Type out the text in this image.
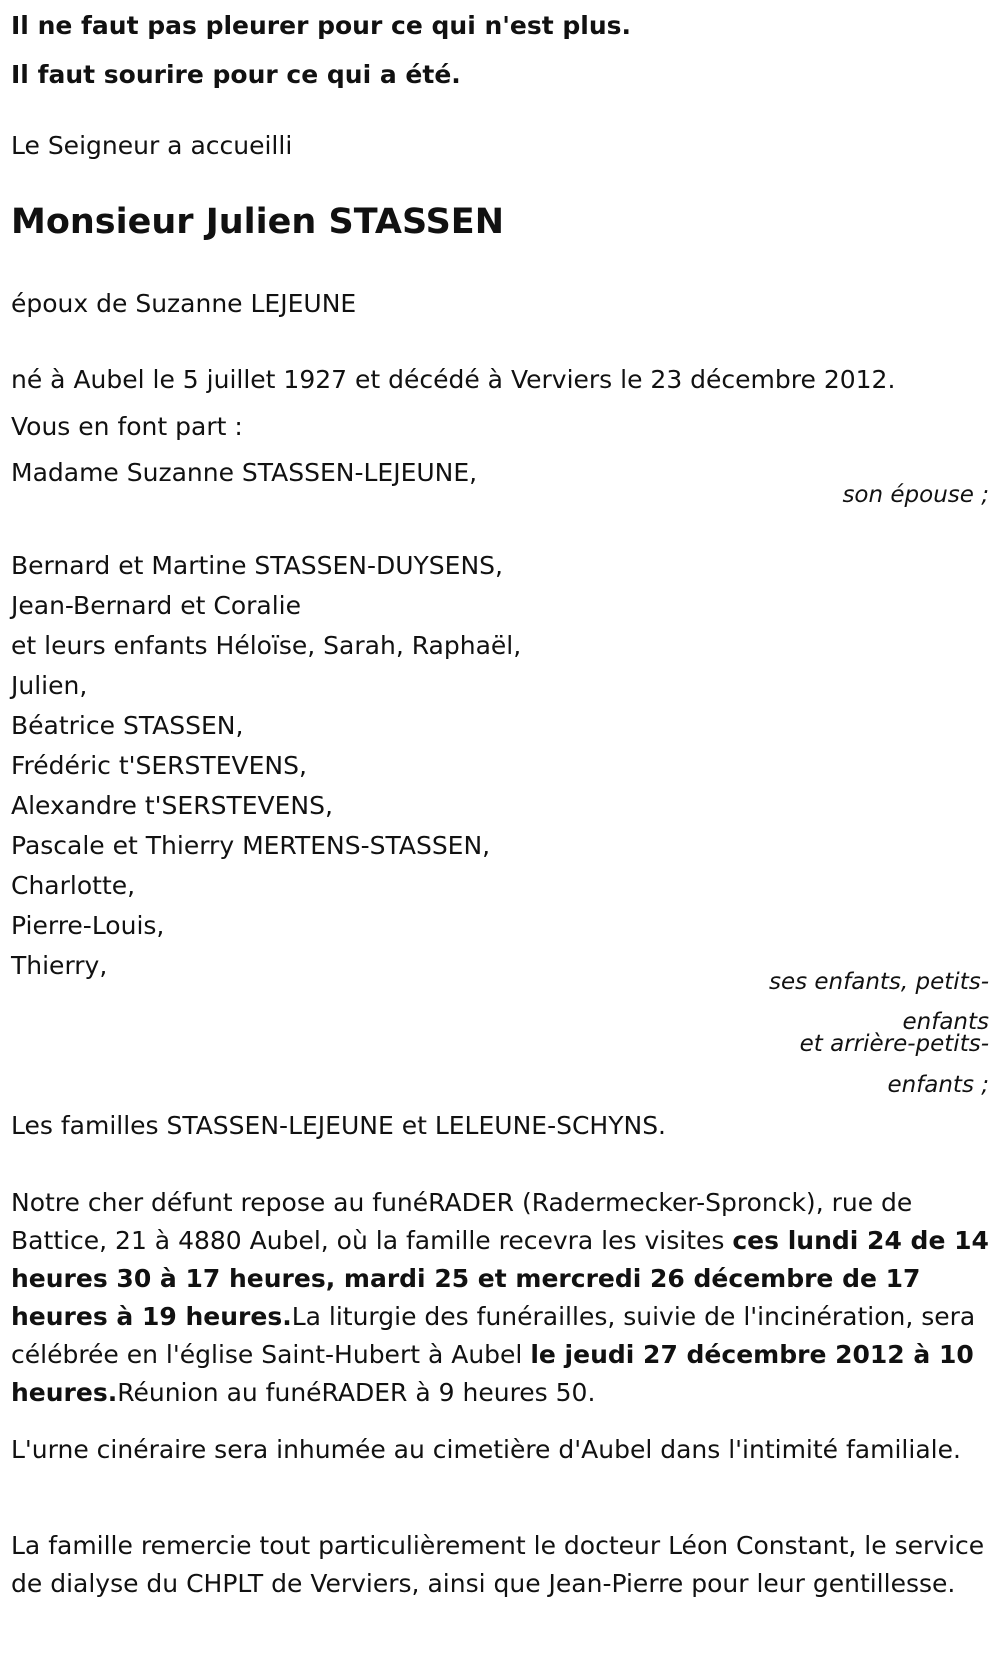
Il ne faut pas pleurer pour ce qui n'est plus.
Il faut sourire pour ce qui a été.
Le Seigneur a accueilli
Monsieur Julien STASSEN
époux de Suzanne LEJEUNE
né à Aubel le 5 juillet 1927 et décédé à Verviers le 23 décembre 2012.
Vous en font part :
Madame Suzanne STASSEN-LEJEUNE,
son épouse ;
Bernard et Martine STASSEN-DUYSENS,
Jean-Bernard et Coralie
et leurs enfants Héloïse, Sarah, Raphaël,
Julien,
Béatrice STASSEN,
Frédéric t'SERSTEVENS,
Alexandre t'SERSTEVENS,
Pascale et Thierry MERTENS-STASSEN,
Charlotte,
Pierre-Louis,
Thierry,
ses enfants, petits-
enfants
et arrière-petits-
enfants ;
Les familles STASSEN-LEJEUNE et LELEUNE-SCHYNS.
Notre cher défunt repose au funéRADER (Radermecker-Spronck), rue de Battice, 21 à 4880 Aubel, où la famille recevra les visites ces lundi 24 de 14 heures 30 à 17 heures, mardi 25 et mercredi 26 décembre de 17 heures à 19 heures.La liturgie des funérailles, suivie de l'incinération, sera célébrée en l'église Saint-Hubert à Aubel le jeudi 27 décembre 2012 à 10 heures.Réunion au funéRADER à 9 heures 50.
L'urne cinéraire sera inhumée au cimetière d'Aubel dans l'intimité familiale.
La famille remercie tout particulièrement le docteur Léon Constant, le service de dialyse du CHPLT de Verviers, ainsi que Jean-Pierre pour leur gentillesse.
